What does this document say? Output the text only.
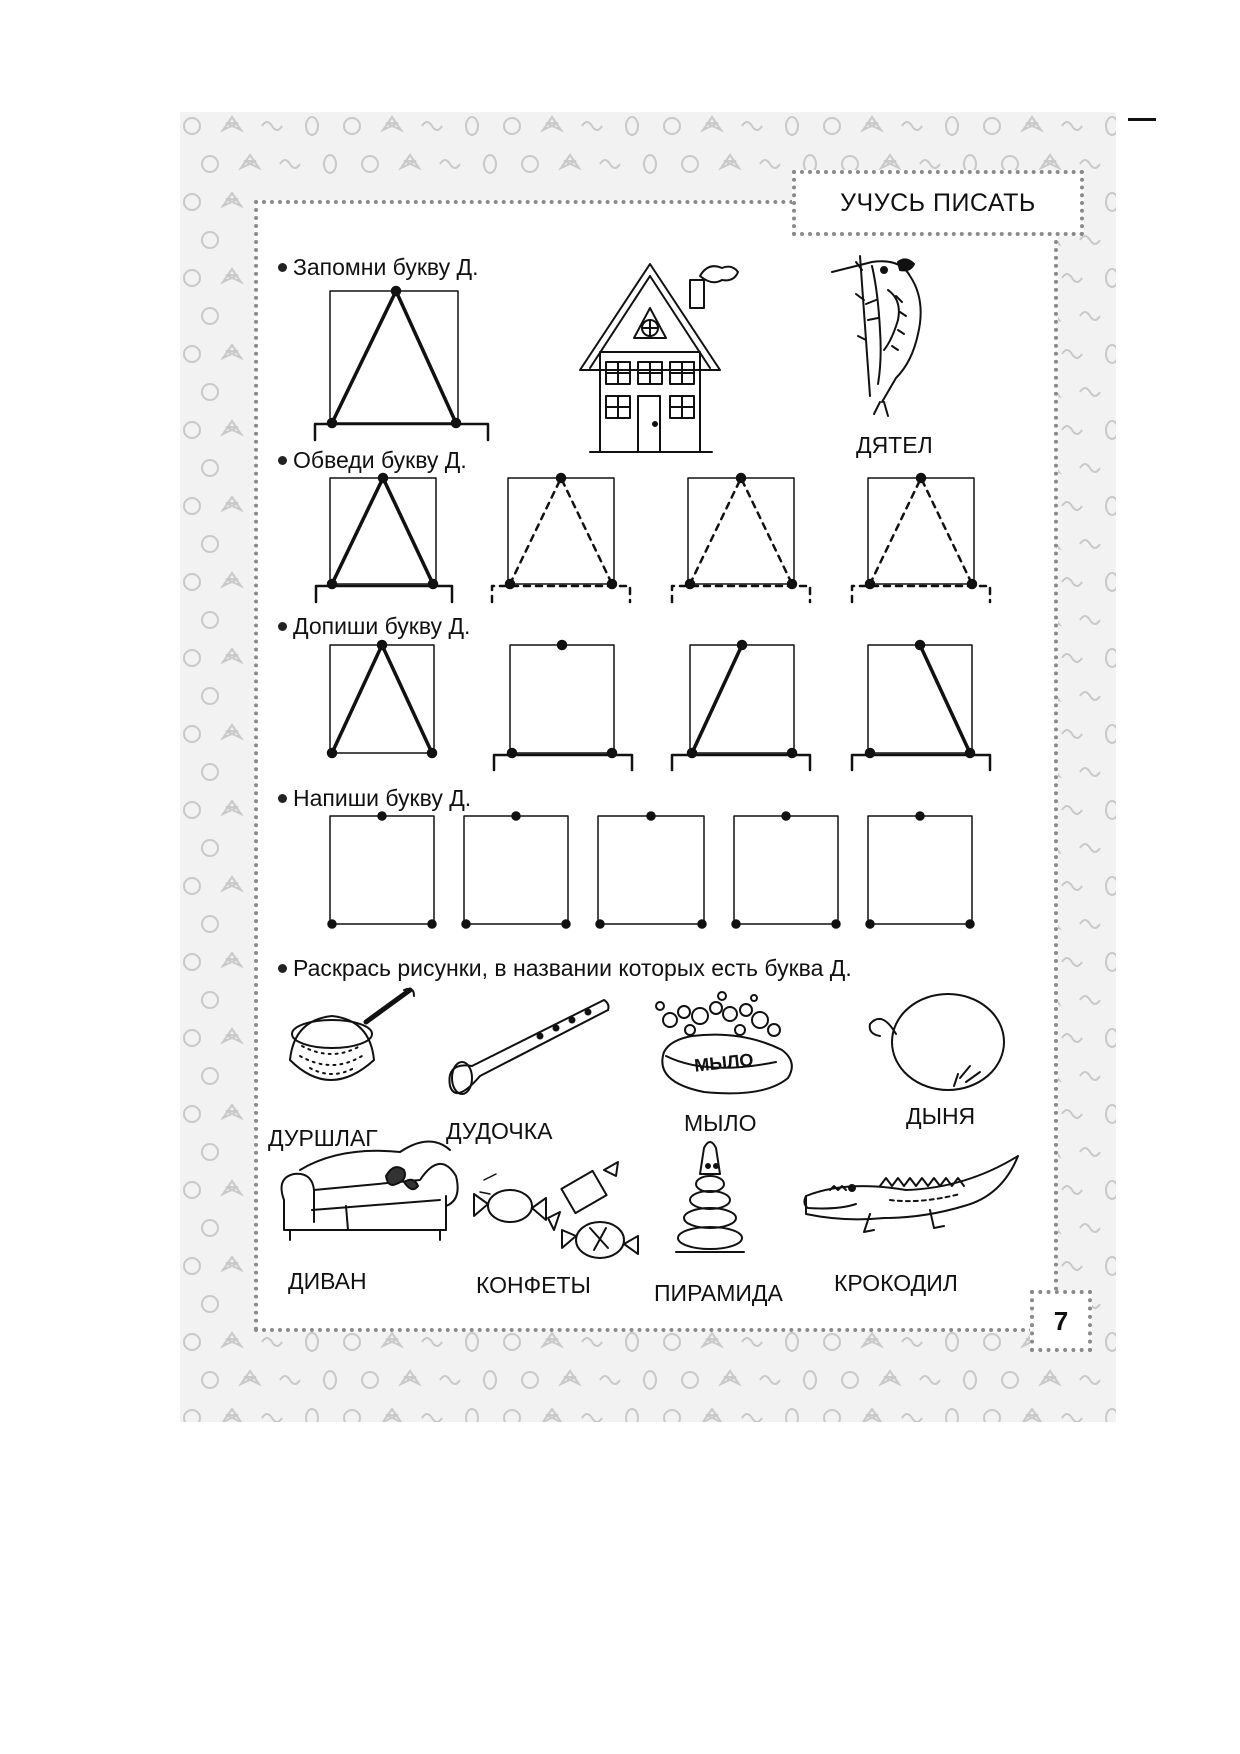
УЧУСЬ ПИСАТЬ
Запомни букву Д.
Обведи букву Д.
Допиши букву Д.
Напиши букву Д.
Раскрась рисунки, в названии которых есть буква Д.
ДЯТЕЛ
ДУРШЛАГ	ДУДОЧКА	МЫЛО	ДЫНЯ
ДИВАН	КОНФЕТЫ	ПИРАМИДА КРОКОДИЛ
7
МЫЛО
